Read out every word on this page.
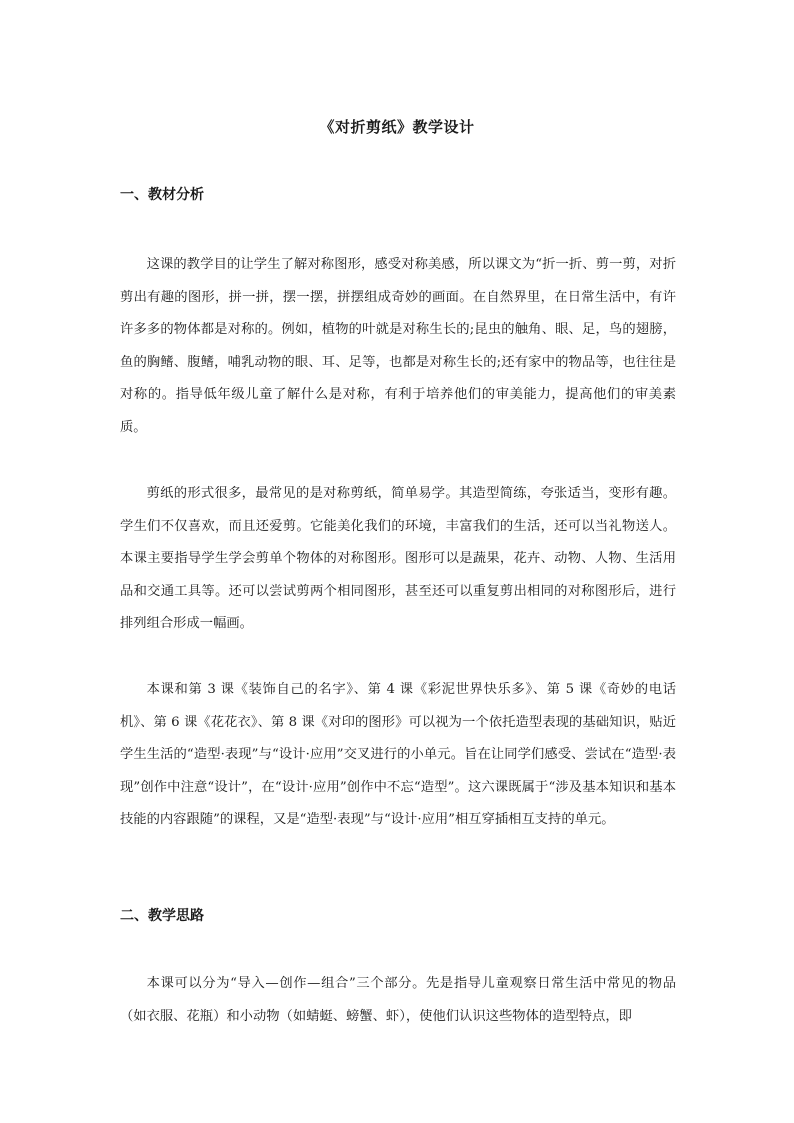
《对折剪纸》教学设计
一、教材分析

这课的教学目的让学生了解对称图形，感受对称美感，所以课文为“折一折、剪一剪，对折剪出有趣的图形，拼一拼，摆一摆，拼摆组成奇妙的画面。在自然界里，在日常生活中，有许许多多的物体都是对称的。例如，植物的叶就是对称生长的;昆虫的触角、眼、足，鸟的翅膀，鱼的胸鳍、腹鳍，哺乳动物的眼、耳、足等，也都是对称生长的;还有家中的物品等，也往往是对称的。指导低年级儿童了解什么是对称，有利于培养他们的审美能力，提高他们的审美素质。

剪纸的形式很多，最常见的是对称剪纸，简单易学。其造型简练，夸张适当，变形有趣。学生们不仅喜欢，而且还爱剪。它能美化我们的环境，丰富我们的生活，还可以当礼物送人。本课主要指导学生学会剪单个物体的对称图形。图形可以是蔬果，花卉、动物、人物、生活用品和交通工具等。还可以尝试剪两个相同图形，甚至还可以重复剪出相同的对称图形后，进行排列组合形成一幅画。

本课和第 3 课《装饰自己的名字》、第 4 课《彩泥世界快乐多》、第 5 课《奇妙的电话机》、第 6 课《花花衣》、第 8 课《对印的图形》可以视为一个依托造型表现的基础知识，贴近学生生活的“造型·表现”与“设计·应用”交叉进行的小单元。旨在让同学们感受、尝试在“造型·表现”创作中注意“设计”，在“设计·应用”创作中不忘“造型”。这六课既属于“涉及基本知识和基本技能的内容跟随”的课程，又是“造型·表现”与“设计·应用”相互穿插相互支持的单元。

二、教学思路

本课可以分为“导入—创作—组合”三个部分。先是指导儿童观察日常生活中常见的物品（如衣服、花瓶）和小动物（如蜻蜓、螃蟹、虾），使他们认识这些物体的造型特点，即
